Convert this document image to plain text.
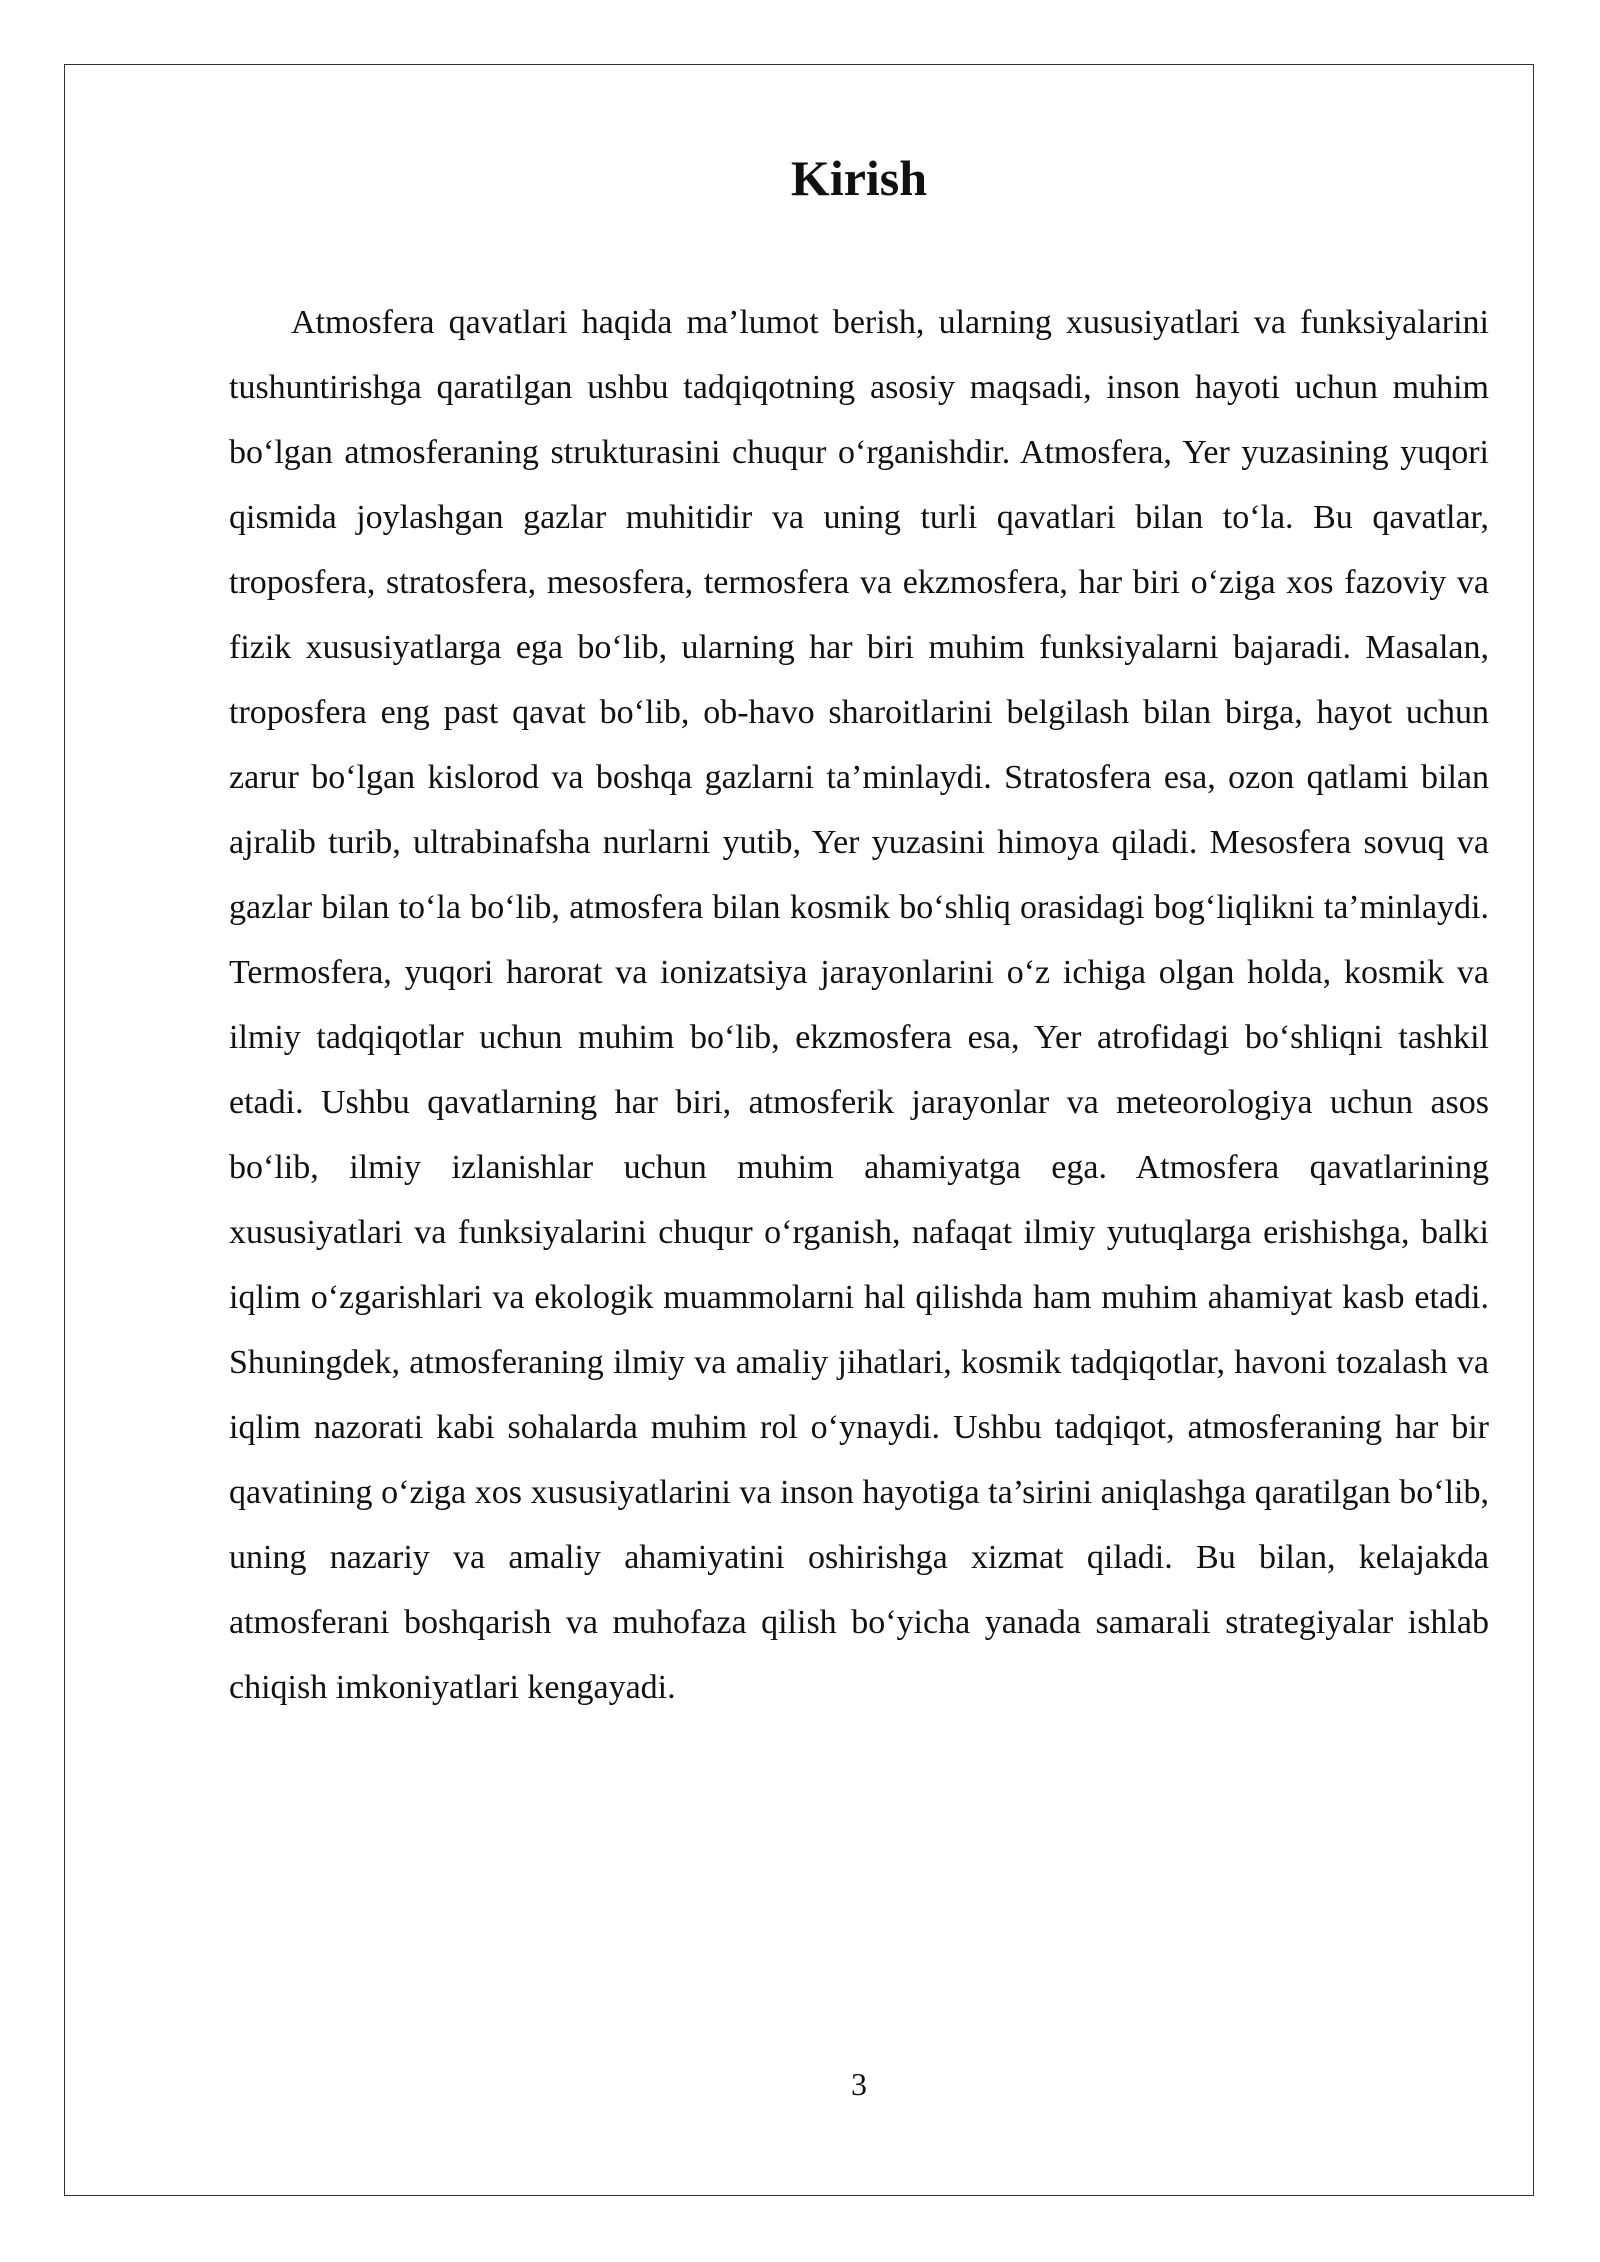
Kirish

Atmosfera qavatlari haqida ma’lumot berish, ularning xususiyatlari va funksiyalarini tushuntirishga qaratilgan ushbu tadqiqotning asosiy maqsadi, inson hayoti uchun muhim bo‘lgan atmosferaning strukturasini chuqur o‘rganishdir. Atmosfera, Yer yuzasining yuqori qismida joylashgan gazlar muhitidir va uning turli qavatlari bilan to‘la. Bu qavatlar, troposfera, stratosfera, mesosfera, termosfera va ekzmosfera, har biri o‘ziga xos fazoviy va fizik xususiyatlarga ega bo‘lib, ularning har biri muhim funksiyalarni bajaradi. Masalan, troposfera eng past qavat bo‘lib, ob-havo sharoitlarini belgilash bilan birga, hayot uchun zarur bo‘lgan kislorod va boshqa gazlarni ta’minlaydi. Stratosfera esa, ozon qatlami bilan ajralib turib, ultrabinafsha nurlarni yutib, Yer yuzasini himoya qiladi. Mesosfera sovuq va gazlar bilan to‘la bo‘lib, atmosfera bilan kosmik bo‘shliq orasidagi bog‘liqlikni ta’minlaydi. Termosfera, yuqori harorat va ionizatsiya jarayonlarini o‘z ichiga olgan holda, kosmik va ilmiy tadqiqotlar uchun muhim bo‘lib, ekzmosfera esa, Yer atrofidagi bo‘shliqni tashkil etadi. Ushbu qavatlarning har biri, atmosferik jarayonlar va meteorologiya uchun asos bo‘lib, ilmiy izlanishlar uchun muhim ahamiyatga ega. Atmosfera qavatlarining xususiyatlari va funksiyalarini chuqur o‘rganish, nafaqat ilmiy yutuqlarga erishishga, balki iqlim o‘zgarishlari va ekologik muammolarni hal qilishda ham muhim ahamiyat kasb etadi. Shuningdek, atmosferaning ilmiy va amaliy jihatlari, kosmik tadqiqotlar, havoni tozalash va iqlim nazorati kabi sohalarda muhim rol o‘ynaydi. Ushbu tadqiqot, atmosferaning har bir qavatining o‘ziga xos xususiyatlarini va inson hayotiga ta’sirini aniqlashga qaratilgan bo‘lib, uning nazariy va amaliy ahamiyatini oshirishga xizmat qiladi. Bu bilan, kelajakda atmosferani boshqarish va muhofaza qilish bo‘yicha yanada samarali strategiyalar ishlab chiqish imkoniyatlari kengayadi.

3
